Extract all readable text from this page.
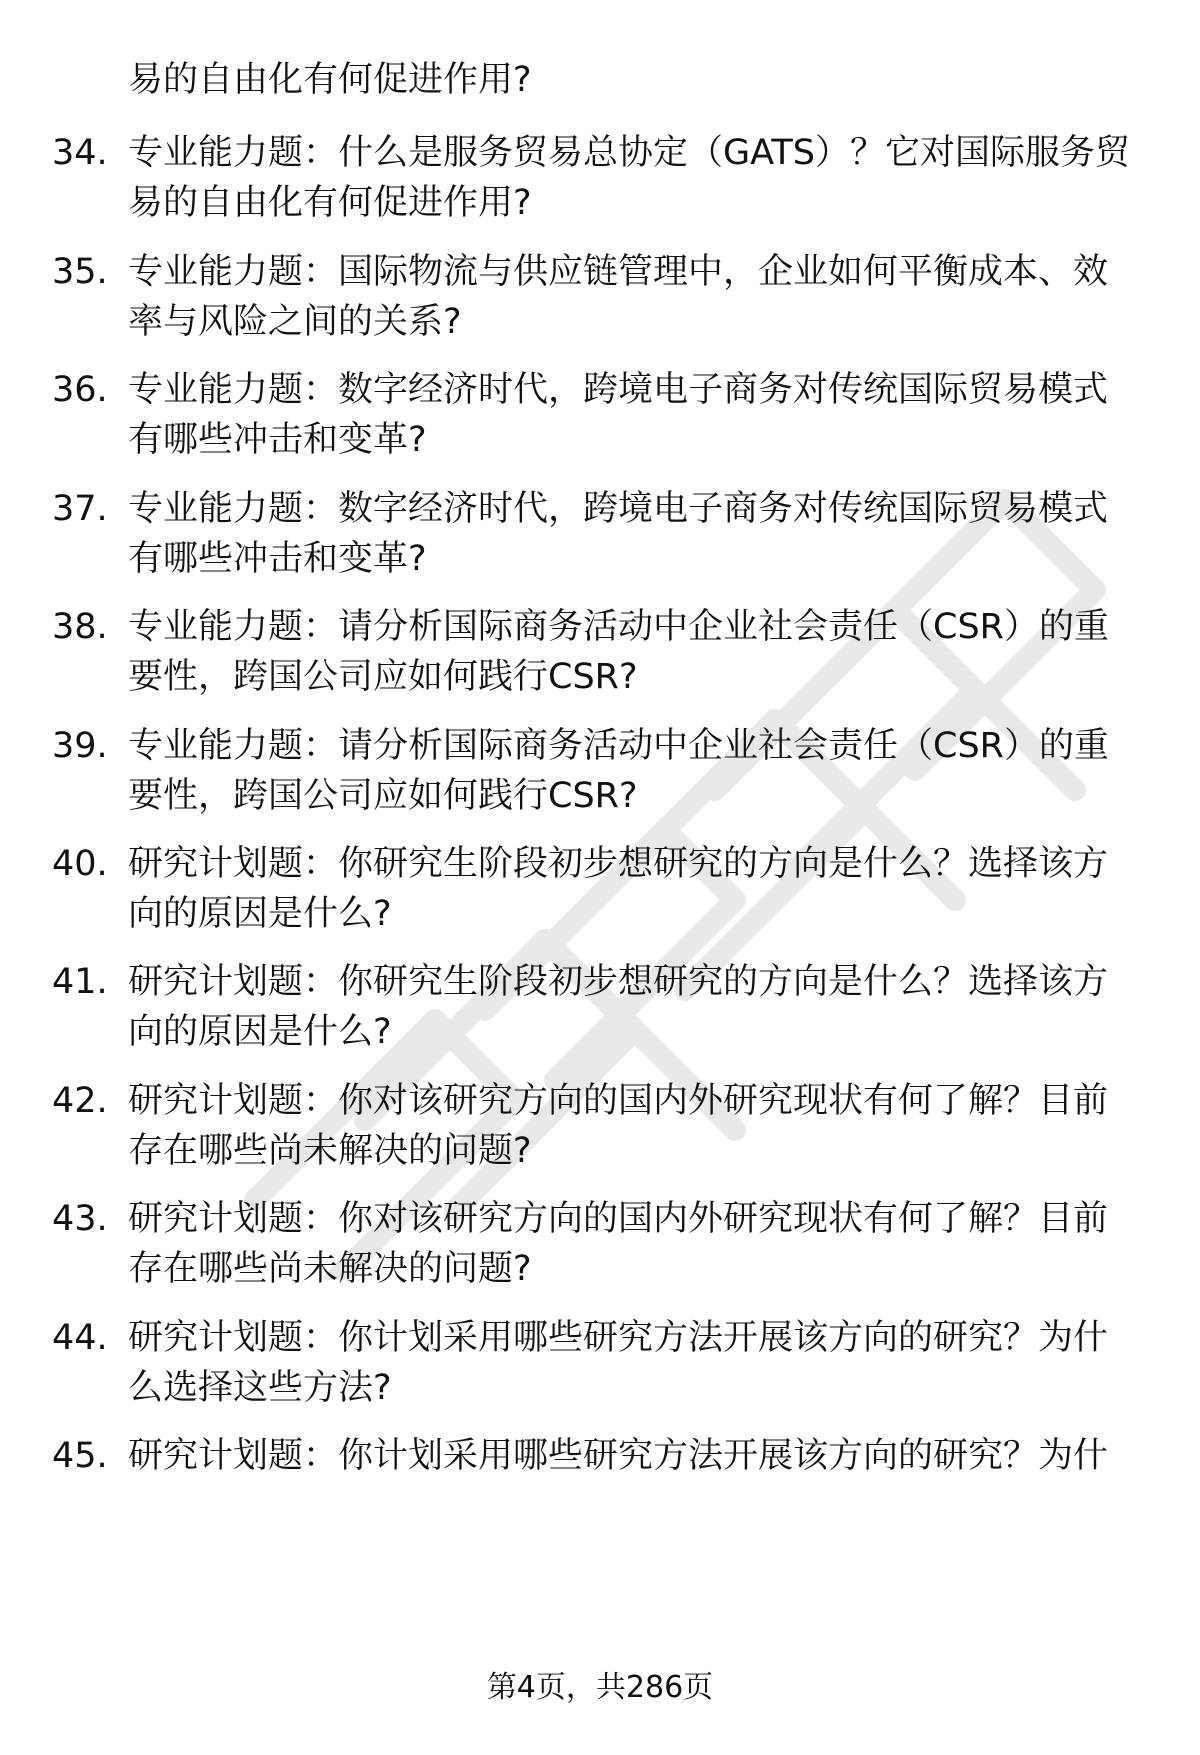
易的自由化有何促进作用?
34. 专业能力题：什么是服务贸易总协定（GATS）？它对国际服务贸
易的自由化有何促进作用?
35. 专业能力题：国际物流与供应链管理中，企业如何平衡成本、效
率与风险之间的关系?
36. 专业能力题：数字经济时代，跨境电子商务对传统国际贸易模式
有哪些冲击和变革?
37. 专业能力题：数字经济时代，跨境电子商务对传统国际贸易模式
有哪些冲击和变革?
38. 专业能力题：请分析国际商务活动中企业社会责任（CSR）的重
要性，跨国公司应如何践行CSR?
39. 专业能力题：请分析国际商务活动中企业社会责任（CSR）的重
要性，跨国公司应如何践行CSR?
40. 研究计划题：你研究生阶段初步想研究的方向是什么？选择该方
向的原因是什么?
41. 研究计划题：你研究生阶段初步想研究的方向是什么？选择该方
向的原因是什么?
42. 研究计划题：你对该研究方向的国内外研究现状有何了解？目前
存在哪些尚未解决的问题?
43. 研究计划题：你对该研究方向的国内外研究现状有何了解？目前
存在哪些尚未解决的问题?
44. 研究计划题：你计划采用哪些研究方法开展该方向的研究？为什
么选择这些方法?
45. 研究计划题：你计划采用哪些研究方法开展该方向的研究？为什
第4页，共286页
